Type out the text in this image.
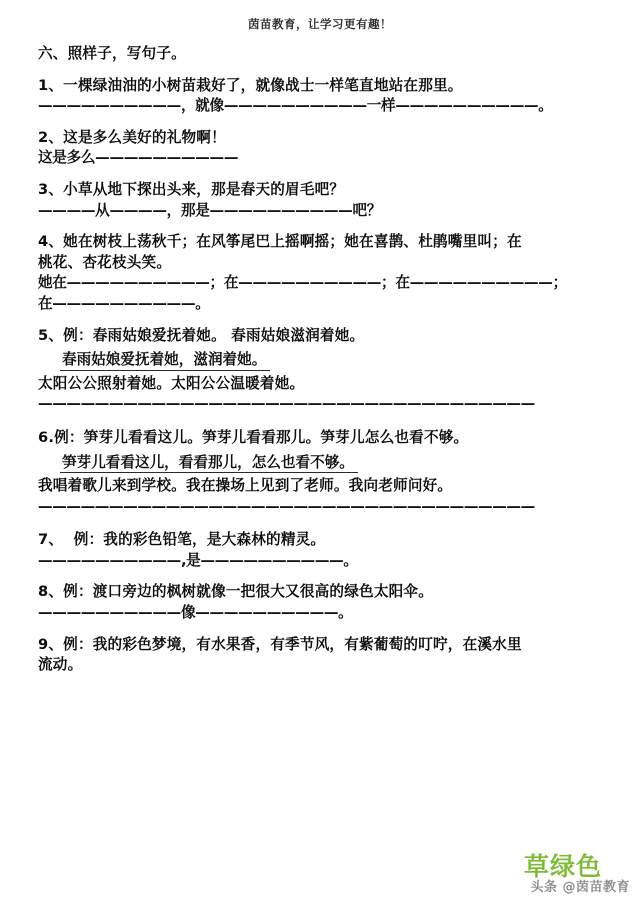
茵苗教育，让学习更有趣！
六、照样子，写句子。
1、一棵绿油油的小树苗栽好了，就像战士一样笔直地站在那里。
——————————，就像——————————一样——————————。
2、这是多么美好的礼物啊！
这是多么——————————
3、小草从地下探出头来，那是春天的眉毛吧？
————从————，那是——————————吧？
4、她在树枝上荡秋千；在风筝尾巴上摇啊摇；她在喜鹊、杜鹃嘴里叫；在
桃花、杏花枝头笑。
她在——————————；在——————————；在——————————；
在——————————。
5、例：春雨姑娘爱抚着她。 春雨姑娘滋润着她。
春雨姑娘爱抚着她，滋润着她。
太阳公公照射着她。太阳公公温暖着她。
———————————————————————————————————
6.例：笋芽儿看看这儿。笋芽儿看看那儿。笋芽儿怎么也看不够。
笋芽儿看看这儿，看看那儿，怎么也看不够。
我唱着歌儿来到学校。我在操场上见到了老师。我向老师问好。
———————————————————————————————————
7、  例：我的彩色铅笔，是大森林的精灵。
——————————,是——————————。
8、例：渡口旁边的枫树就像一把很大又很高的绿色太阳伞。
——————————像——————————。
9、例：我的彩色梦境，有水果香，有季节风，有紫葡萄的叮咛，在溪水里
流动。
头条 @茵苗教育
草绿色
